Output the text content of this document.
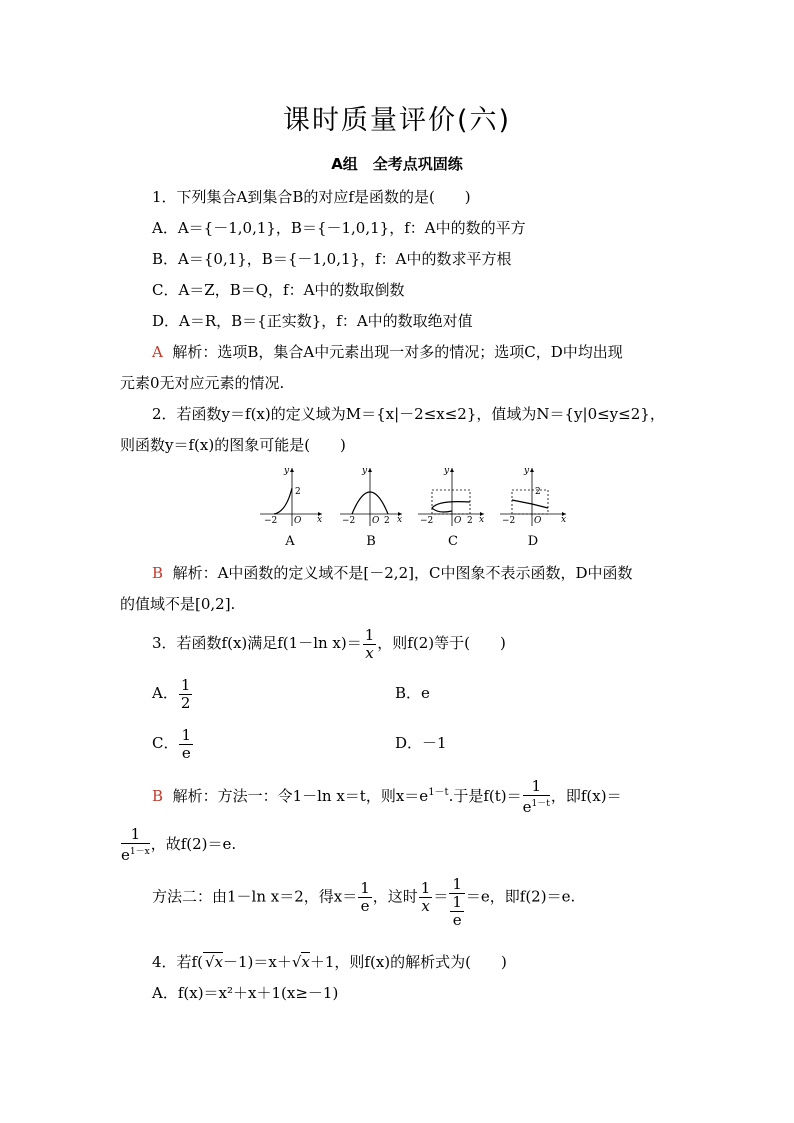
课时质量评价(六)
A组　全考点巩固练
1．下列集合A到集合B的对应f是函数的是(　　)
A．A＝{－1,0,1}，B＝{－1,0,1}，f：A中的数的平方
B．A＝{0,1}，B＝{－1,0,1}，f：A中的数求平方根
C．A＝Z，B＝Q，f：A中的数取倒数
D．A＝R，B＝{正实数}，f：A中的数取绝对值
A 解析：选项B，集合A中元素出现一对多的情况；选项C，D中均出现
元素0无对应元素的情况.
2．若函数y＝f(x)的定义域为M＝{x|－2≤x≤2}，值域为N＝{y|0≤y≤2}，
则函数y＝f(x)的图象可能是(　　)
y
x
O
−2
2
y
x
O
−2	2
y
x
O
−2	2
y
x
O
−2
2
A	B	C	D
B 解析：A中函数的定义域不是[－2,2]，C中图象不表示函数，D中函数
的值域不是[0,2].
3．若函数f(x)满足f(1－ln $x)= \frac{1}{x}$ ，则f(2)等于(　　)
A． $\frac{1}{2}$	B．e
C． $\frac{1}{e}$	D．－1
B 解析：方法一：令1－ln x＝t，则$x=e^{1-t}$.于是$f(t)= \frac{1}{e^{1-t}}$ ，即f(x)＝
$\frac{1}{e^{1-x}}$ ，故f(2)＝e.
方法二：由1－ln x＝2，得$x= \frac{1}{e}$ ，这时 $\frac{1}{x} = \frac{1}{\frac{1}{e}} =e$，即f(2)＝e.
4．若f( √x－1)＝x＋√x＋1，则f(x)的解析式为(　　)
A．f(x)＝x²＋x＋1(x≥－1)
